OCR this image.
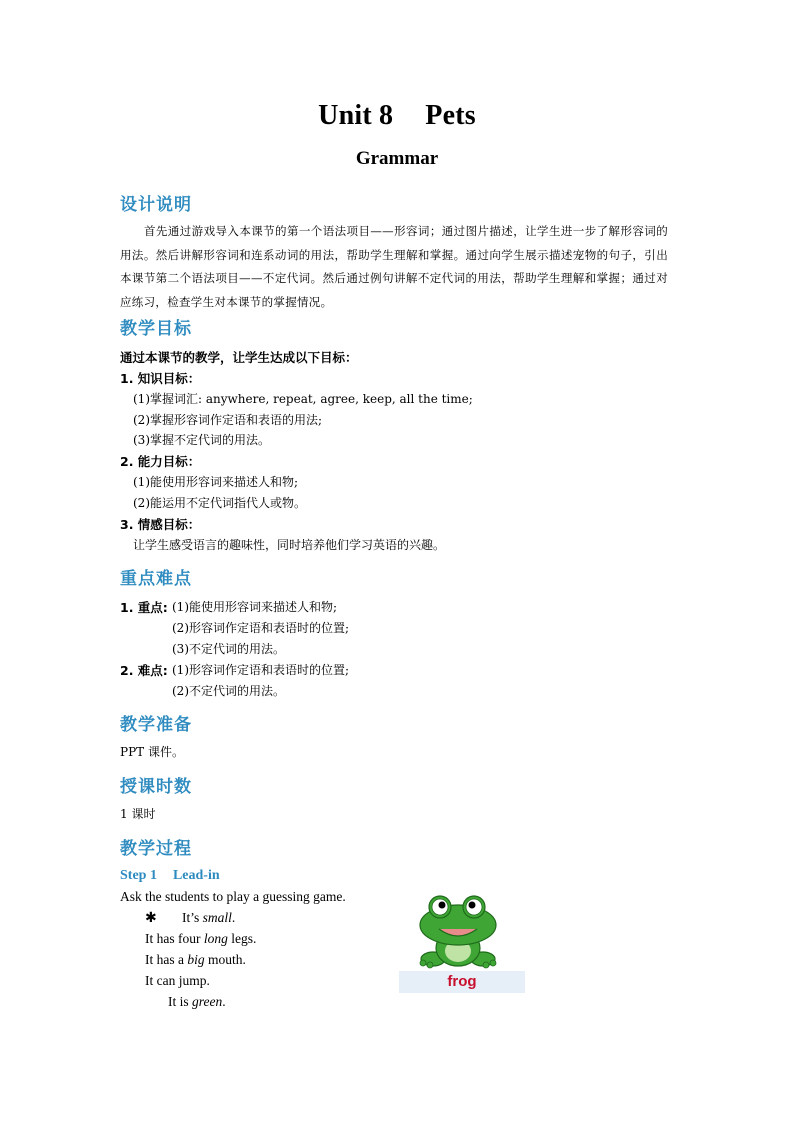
Unit 8 Pets
Grammar
设计说明
首先通过游戏导入本课节的第一个语法项目——形容词；通过图片描述，让学生进一步了解形容词的用法。然后讲解形容词和连系动词的用法，帮助学生理解和掌握。通过向学生展示描述宠物的句子，引出本课节第二个语法项目——不定代词。然后通过例句讲解不定代词的用法，帮助学生理解和掌握；通过对应练习，检查学生对本课节的掌握情况。
教学目标
通过本课节的教学，让学生达成以下目标：
1. 知识目标：
(1)掌握词汇: anywhere, repeat, agree, keep, all the time;
(2)掌握形容词作定语和表语的用法;
(3)掌握不定代词的用法。
2. 能力目标：
(1)能使用形容词来描述人和物;
(2)能运用不定代词指代人或物。
3. 情感目标：
让学生感受语言的趣味性，同时培养他们学习英语的兴趣。
重点难点
1. 重点: (1)能使用形容词来描述人和物;
(2)形容词作定语和表语时的位置;
(3)不定代词的用法。
2. 难点: (1)形容词作定语和表语时的位置;
(2)不定代词的用法。
教学准备
PPT 课件。
授课时数
1 课时
教学过程
Step 1 Lead-in
Ask the students to play a guessing game.
✱ It’s small.
It has four long legs.
It has a big mouth.
It can jump.
It is green.
frog
